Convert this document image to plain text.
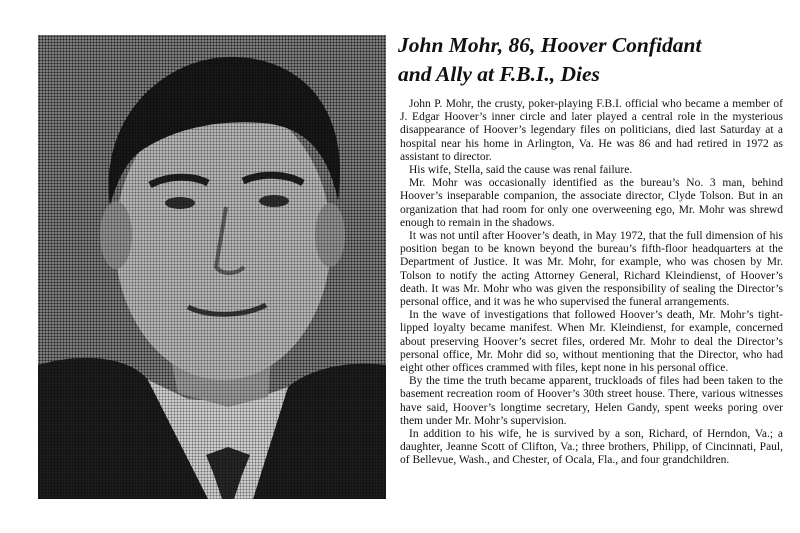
John Mohr, 86, Hoover Confidant
and Ally at F.B.I., Dies

John P. Mohr, the crusty, poker-playing F.B.I. official who became a member of J. Edgar Hoover’s inner circle and later played a central role in the mysterious disappearance of Hoover’s legendary files on politicians, died last Saturday at a hospital near his home in Arlington, Va. He was 86 and had retired in 1972 as assistant to director.

His wife, Stella, said the cause was renal failure.

Mr. Mohr was occasionally identified as the bureau’s No. 3 man, behind Hoover’s inseparable companion, the associate director, Clyde Tolson. But in an organization that had room for only one overweening ego, Mr. Mohr was shrewd enough to remain in the shadows.

It was not until after Hoover’s death, in May 1972, that the full dimension of his position began to be known beyond the bureau’s fifth-floor headquarters at the Department of Justice. It was Mr. Mohr, for example, who was chosen by Mr. Tolson to notify the acting Attorney General, Richard Kleindienst, of Hoover’s death. It was Mr. Mohr who was given the responsibility of sealing the Director’s personal office, and it was he who supervised the funeral arrangements.

In the wave of investigations that followed Hoover’s death, Mr. Mohr’s tight-lipped loyalty became manifest. When Mr. Kleindienst, for example, concerned about preserving Hoover’s secret files, ordered Mr. Mohr to deal the Director’s personal office, Mr. Mohr did so, without mentioning that the Director, who had eight other offices crammed with files, kept none in his personal office.

By the time the truth became apparent, truckloads of files had been taken to the basement recreation room of Hoover’s 30th street house. There, various witnesses have said, Hoover’s longtime secretary, Helen Gandy, spent weeks poring over them under Mr. Mohr’s supervision.

In addition to his wife, he is survived by a son, Richard, of Herndon, Va.; a daughter, Jeanne Scott of Clifton, Va.; three brothers, Philipp, of Cincinnati, Paul, of Bellevue, Wash., and Chester, of Ocala, Fla., and four grandchildren.
